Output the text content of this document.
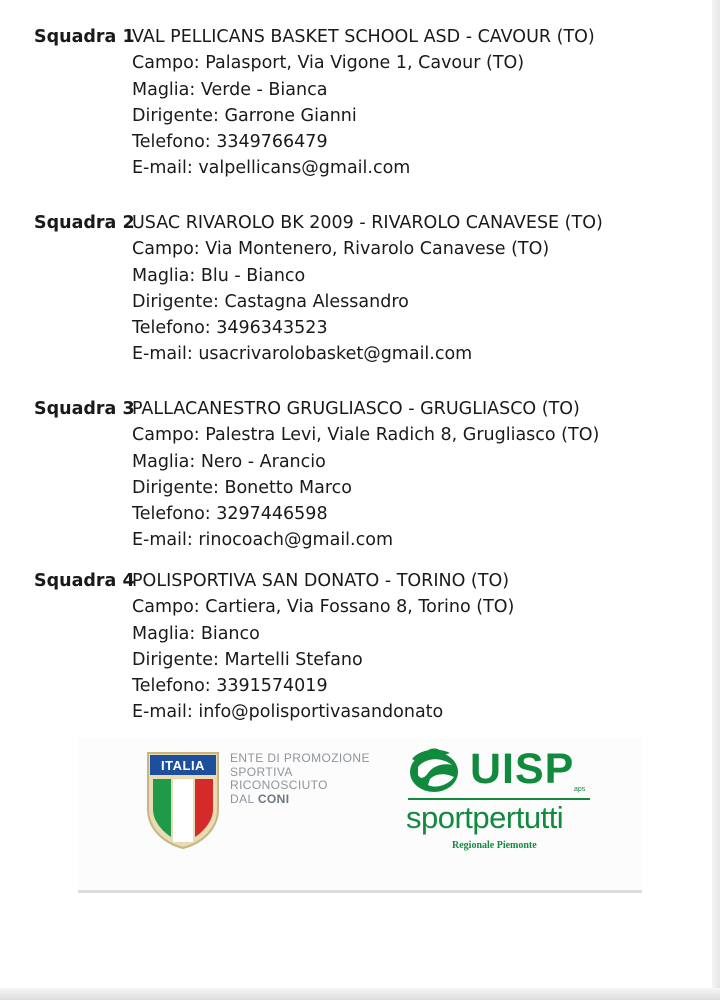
Squadra 1VAL PELLICANS BASKET SCHOOL ASD - CAVOUR (TO)
Campo: Palasport, Via Vigone 1, Cavour (TO)
Maglia: Verde - Bianca
Dirigente: Garrone Gianni
Telefono: 3349766479
E-mail: valpellicans@gmail.com
Squadra 2USAC RIVAROLO BK 2009 - RIVAROLO CANAVESE (TO)
Campo: Via Montenero, Rivarolo Canavese (TO)
Maglia: Blu - Bianco
Dirigente: Castagna Alessandro
Telefono: 3496343523
E-mail: usacrivarolobasket@gmail.com
Squadra 3PALLACANESTRO GRUGLIASCO - GRUGLIASCO (TO)
Campo: Palestra Levi, Viale Radich 8, Grugliasco (TO)
Maglia: Nero - Arancio
Dirigente: Bonetto Marco
Telefono: 3297446598
E-mail: rinocoach@gmail.com
Squadra 4POLISPORTIVA SAN DONATO - TORINO (TO)
Campo: Cartiera, Via Fossano 8, Torino (TO)
Maglia: Bianco
Dirigente: Martelli Stefano
Telefono: 3391574019
E-mail: info@polisportivasandonato
ITALIA ENTE DI PROMOZIONE
SPORTIVA
RICONOSCIUTO
DAL CONI
UISP aps
sportpertutti
Regionale Piemonte
